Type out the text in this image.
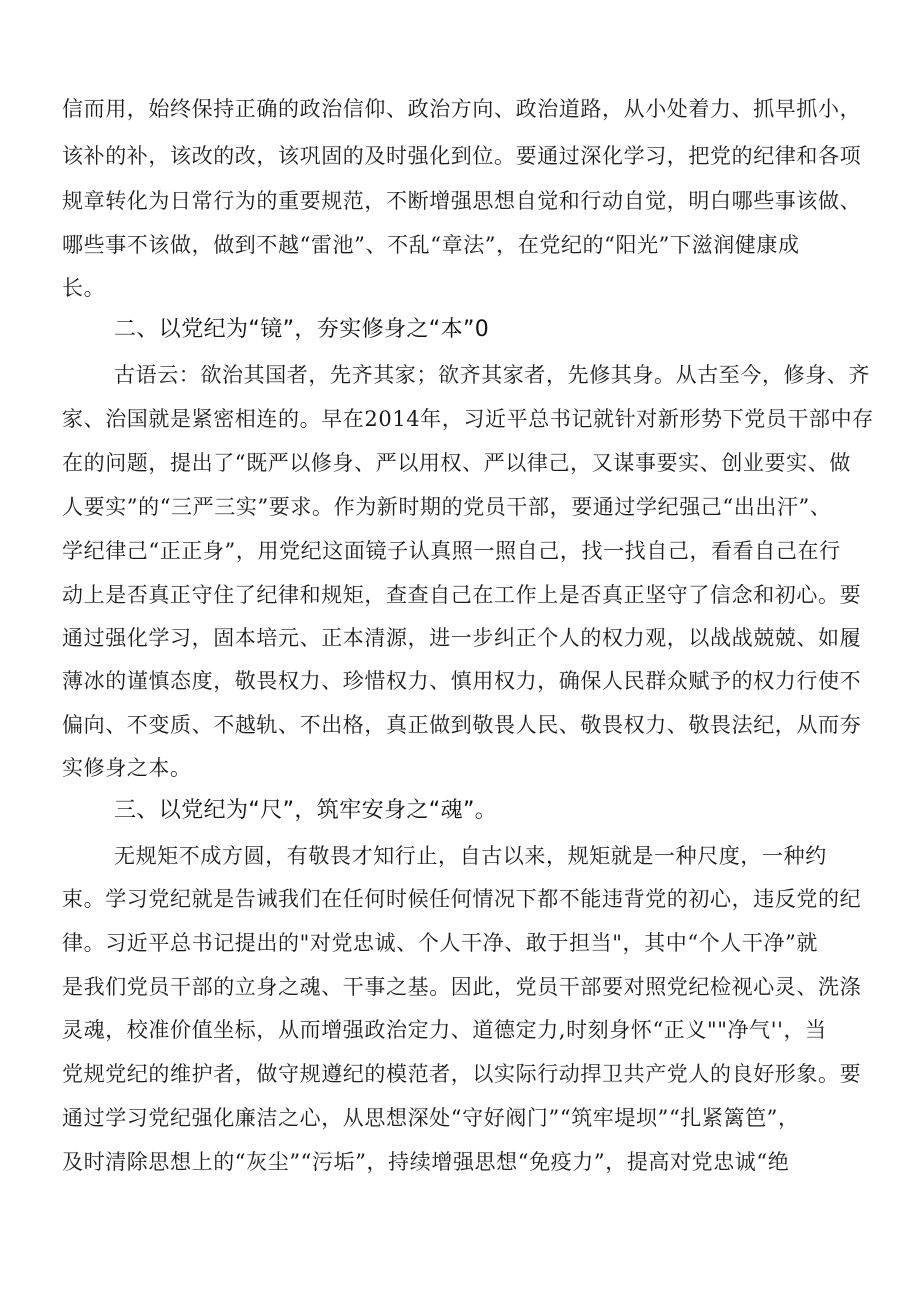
信而用，始终保持正确的政治信仰、政治方向、政治道路，从小处着力、抓早抓小，
该补的补，该改的改，该巩固的及时强化到位。要通过深化学习，把党的纪律和各项
规章转化为日常行为的重要规范，不断增强思想自觉和行动自觉，明白哪些事该做、
哪些事不该做，做到不越“雷池”、不乱“章法”，在党纪的“阳光”下滋润健康成
长。
二、以党纪为“镜”，夯实修身之“本”0
古语云：欲治其国者，先齐其家；欲齐其家者，先修其身。从古至今，修身、齐
家、治国就是紧密相连的。早在2014年，习近平总书记就针对新形势下党员干部中存
在的问题，提出了“既严以修身、严以用权、严以律己，又谋事要实、创业要实、做
人要实”的“三严三实”要求。作为新时期的党员干部，要通过学纪强己“出出汗”、
学纪律己“正正身”，用党纪这面镜子认真照一照自己，找一找自己，看看自己在行
动上是否真正守住了纪律和规矩，查查自己在工作上是否真正坚守了信念和初心。要
通过强化学习，固本培元、正本清源，进一步纠正个人的权力观，以战战兢兢、如履
薄冰的谨慎态度，敬畏权力、珍惜权力、慎用权力，确保人民群众赋予的权力行使不
偏向、不变质、不越轨、不出格，真正做到敬畏人民、敬畏权力、敬畏法纪，从而夯
实修身之本。
三、以党纪为“尺”，筑牢安身之“魂”。
无规矩不成方圆，有敬畏才知行止，自古以来，规矩就是一种尺度，一种约
束。学习党纪就是告诫我们在任何时候任何情况下都不能违背党的初心，违反党的纪
律。习近平总书记提出的"对党忠诚、个人干净、敢于担当"，其中“个人干净”就
是我们党员干部的立身之魂、干事之基。因此，党员干部要对照党纪检视心灵、洗涤
灵魂，校准价值坐标，从而增强政治定力、道德定力,时刻身怀“正义""净气''，当
党规党纪的维护者，做守规遵纪的模范者，以实际行动捍卫共产党人的良好形象。要
通过学习党纪强化廉洁之心，从思想深处“守好阀门”“筑牢堤坝”“扎紧篱笆”，
及时清除思想上的“灰尘”“污垢”，持续增强思想“免疫力”，提高对党忠诚“绝
